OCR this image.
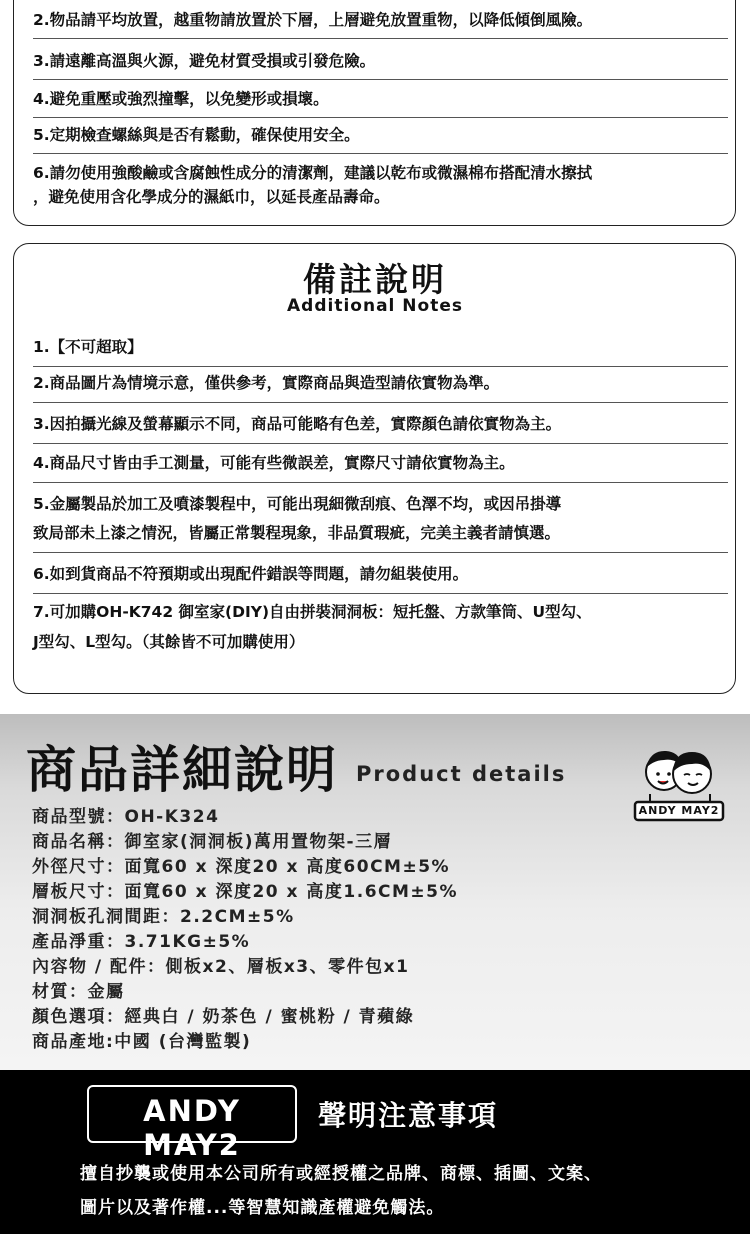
2.物品請平均放置，越重物請放置於下層，上層避免放置重物，以降低傾倒風險。
3.請遠離高溫與火源，避免材質受損或引發危險。
4.避免重壓或強烈撞擊，以免變形或損壞。
5.定期檢查螺絲與是否有鬆動，確保使用安全。
6.請勿使用強酸鹼或含腐蝕性成分的清潔劑，建議以乾布或微濕棉布搭配清水擦拭
，避免使用含化學成分的濕紙巾，以延長產品壽命。
備註說明
Additional Notes
1.【不可超取】
2.商品圖片為情境示意，僅供參考，實際商品與造型請依實物為準。
3.因拍攝光線及螢幕顯示不同，商品可能略有色差，實際顏色請依實物為主。
4.商品尺寸皆由手工測量，可能有些微誤差，實際尺寸請依實物為主。
5.金屬製品於加工及噴漆製程中，可能出現細微刮痕、色澤不均，或因吊掛導
致局部未上漆之情況，皆屬正常製程現象，非品質瑕疵，完美主義者請慎選。
6.如到貨商品不符預期或出現配件錯誤等問題，請勿組裝使用。
7.可加購OH-K742 御室家(DIY)自由拼裝洞洞板：短托盤、方款筆筒、U型勾、
J型勾、L型勾。（其餘皆不可加購使用）
商品詳細說明 Product details
ANDY MAY2
商品型號：OH-K324
商品名稱：御室家(洞洞板)萬用置物架-三層
外徑尺寸：面寬60 x 深度20 x 高度60CM±5%
層板尺寸：面寬60 x 深度20 x 高度1.6CM±5%
洞洞板孔洞間距：2.2CM±5%
產品淨重：3.71KG±5%
內容物 / 配件：側板x2、層板x3、零件包x1
材質：金屬
顏色選項：經典白 / 奶茶色 / 蜜桃粉 / 青蘋綠
商品產地:中國 (台灣監製)
ANDY MAY2
聲明注意事項
擅自抄襲或使用本公司所有或經授權之品牌、商標、插圖、文案、
圖片以及著作權...等智慧知識產權避免觸法。
